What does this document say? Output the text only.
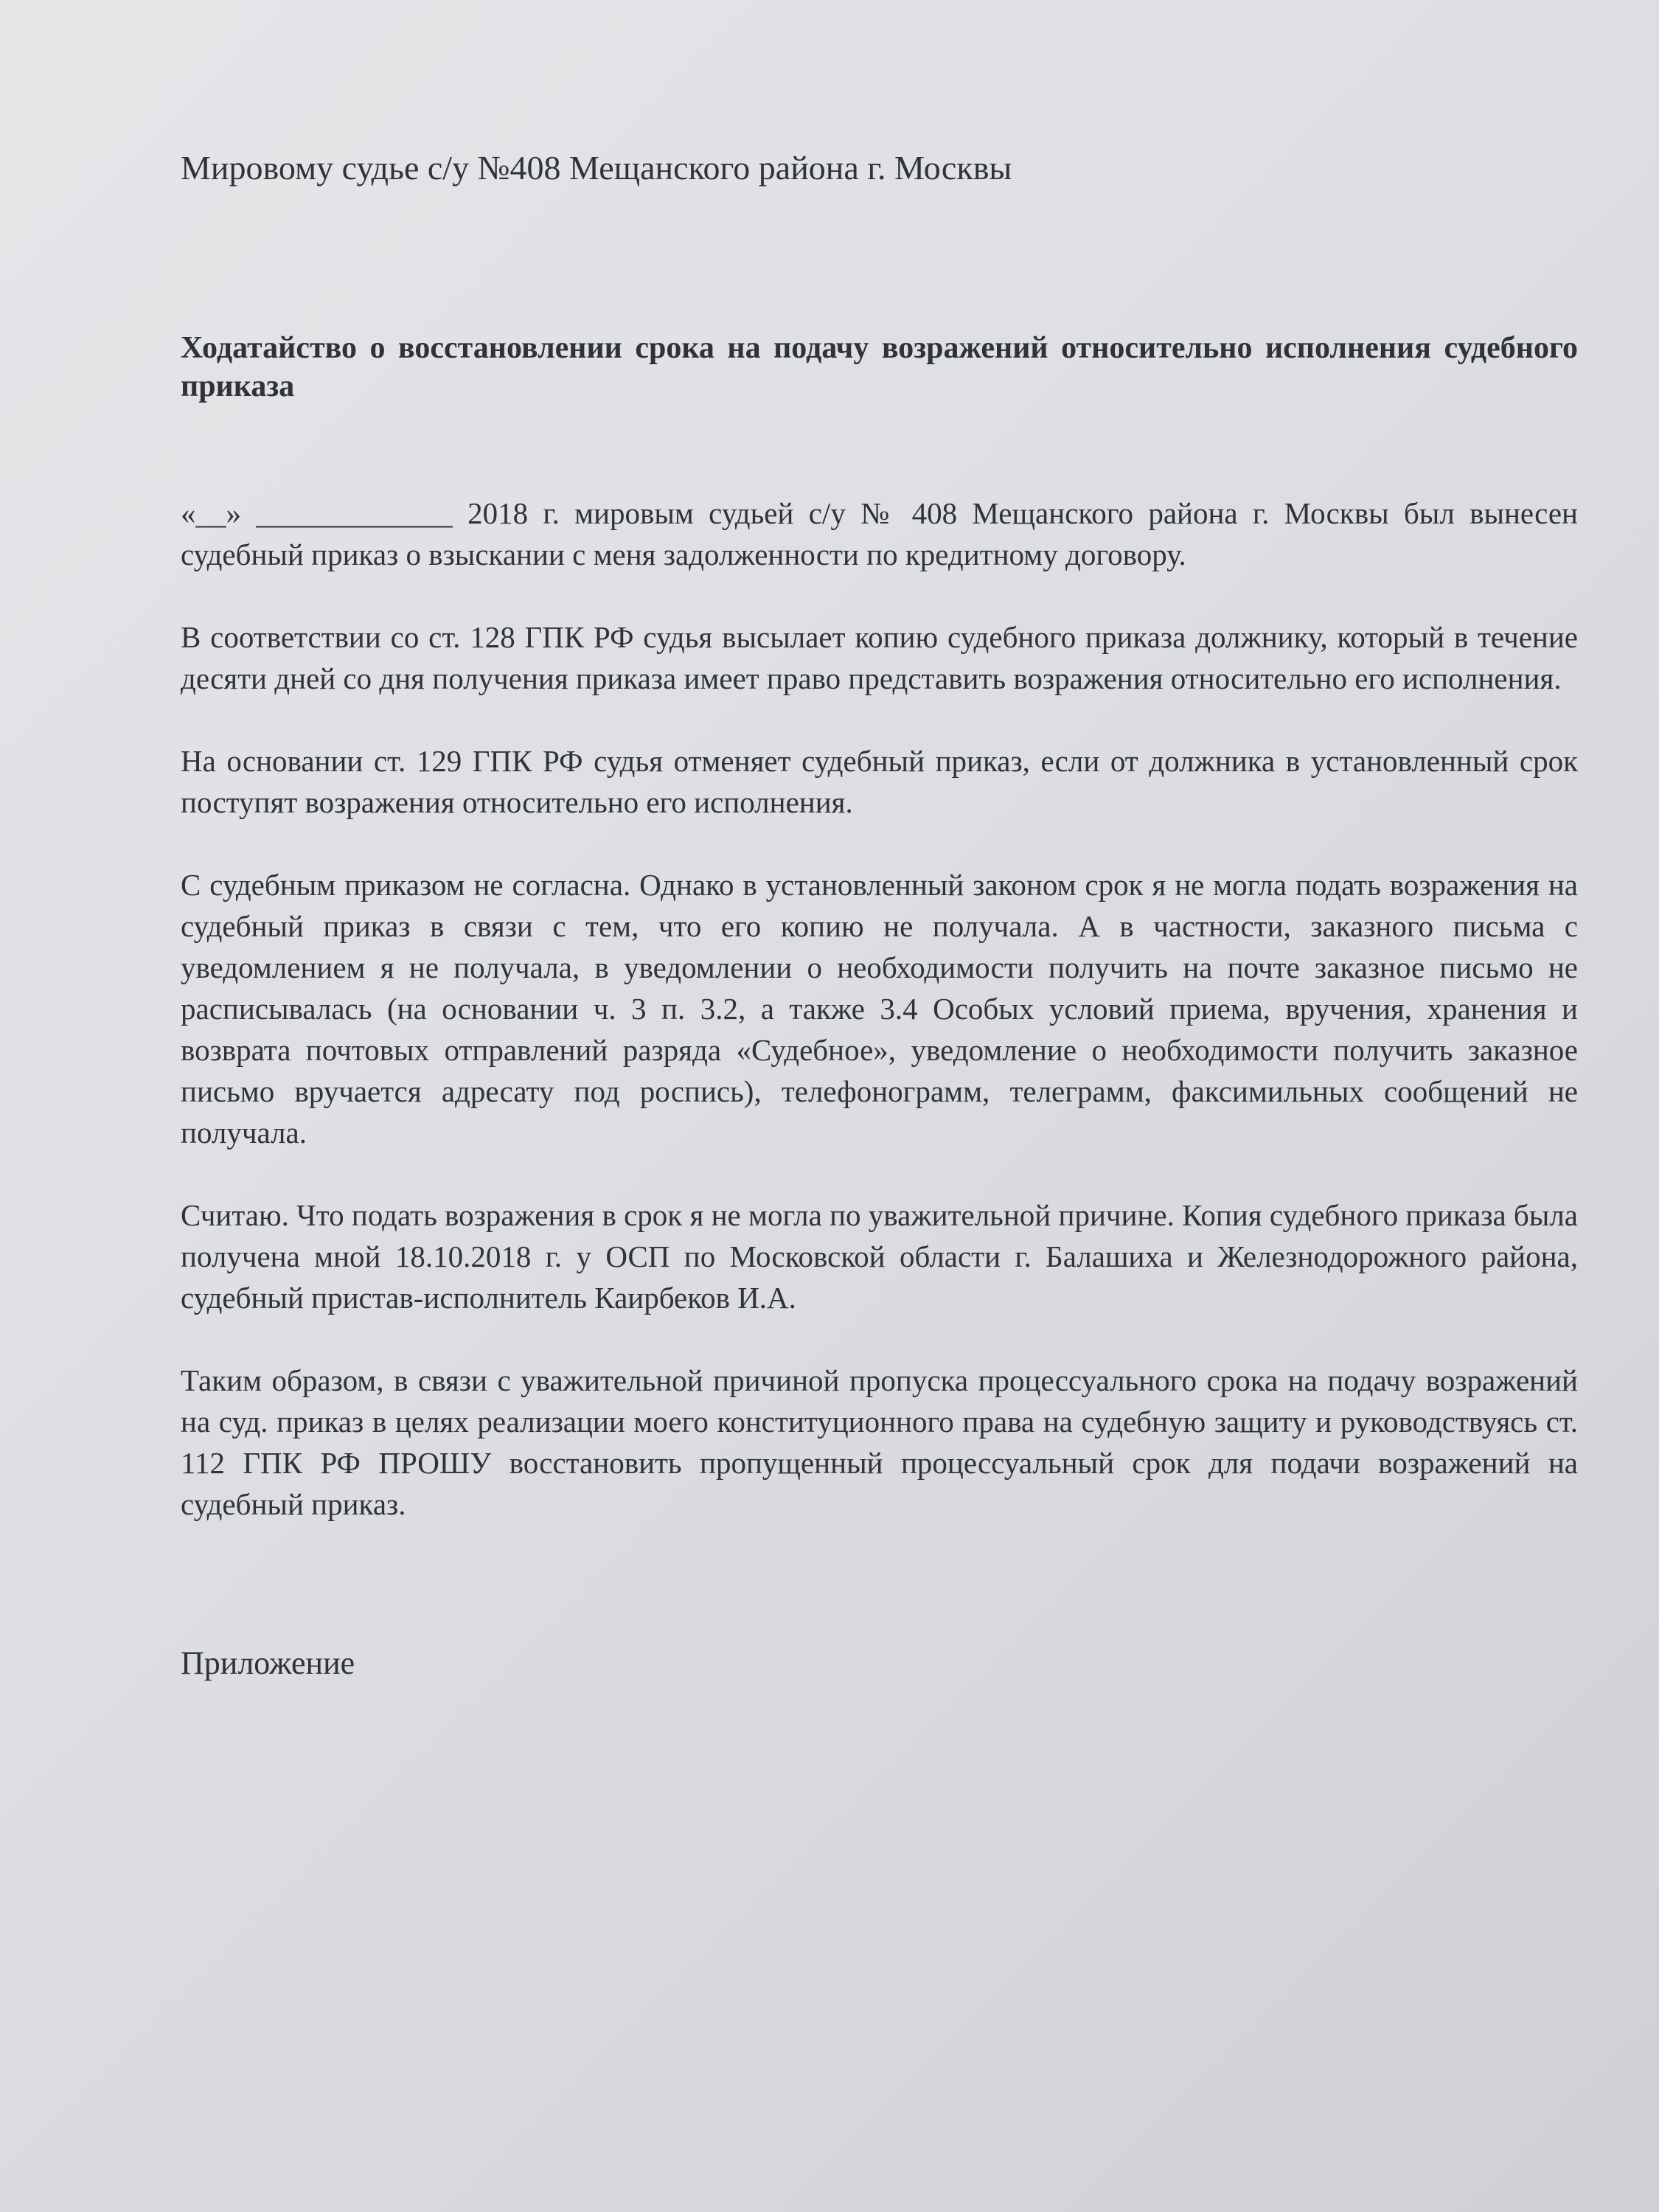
Мировому судье с/у №408 Мещанского района г. Москвы

Ходатайство о восстановлении срока на подачу возражений относительно исполнения судебного приказа

«__» _____________ 2018 г. мировым судьей с/у № 408 Мещанского района г. Москвы был вынесен судебный приказ о взыскании с меня задолженности по кредитному договору.

В соответствии со ст. 128 ГПК РФ судья высылает копию судебного приказа должнику, который в течение десяти дней со дня получения приказа имеет право представить возражения относительно его исполнения.

На основании ст. 129 ГПК РФ судья отменяет судебный приказ, если от должника в установленный срок поступят возражения относительно его исполнения.

С судебным приказом не согласна. Однако в установленный законом срок я не могла подать возражения на судебный приказ в связи с тем, что его копию не получала. А в частности, заказного письма с уведомлением я не получала, в уведомлении о необходимости получить на почте заказное письмо не расписывалась (на основании ч. 3 п. 3.2, а также 3.4 Особых условий приема, вручения, хранения и возврата почтовых отправлений разряда «Судебное», уведомление о необходимости получить заказное письмо вручается адресату под роспись), телефонограмм, телеграмм, факсимильных сообщений не получала.

Считаю. Что подать возражения в срок я не могла по уважительной причине. Копия судебного приказа была получена мной 18.10.2018 г. у ОСП по Московской области г. Балашиха и Железнодорожного района, судебный пристав-исполнитель Каирбеков И.А.

Таким образом, в связи с уважительной причиной пропуска процессуального срока на подачу возражений на суд. приказ в целях реализации моего конституционного права на судебную защиту и руководствуясь ст. 112 ГПК РФ ПРОШУ восстановить пропущенный процессуальный срок для подачи возражений на судебный приказ.

Приложение
